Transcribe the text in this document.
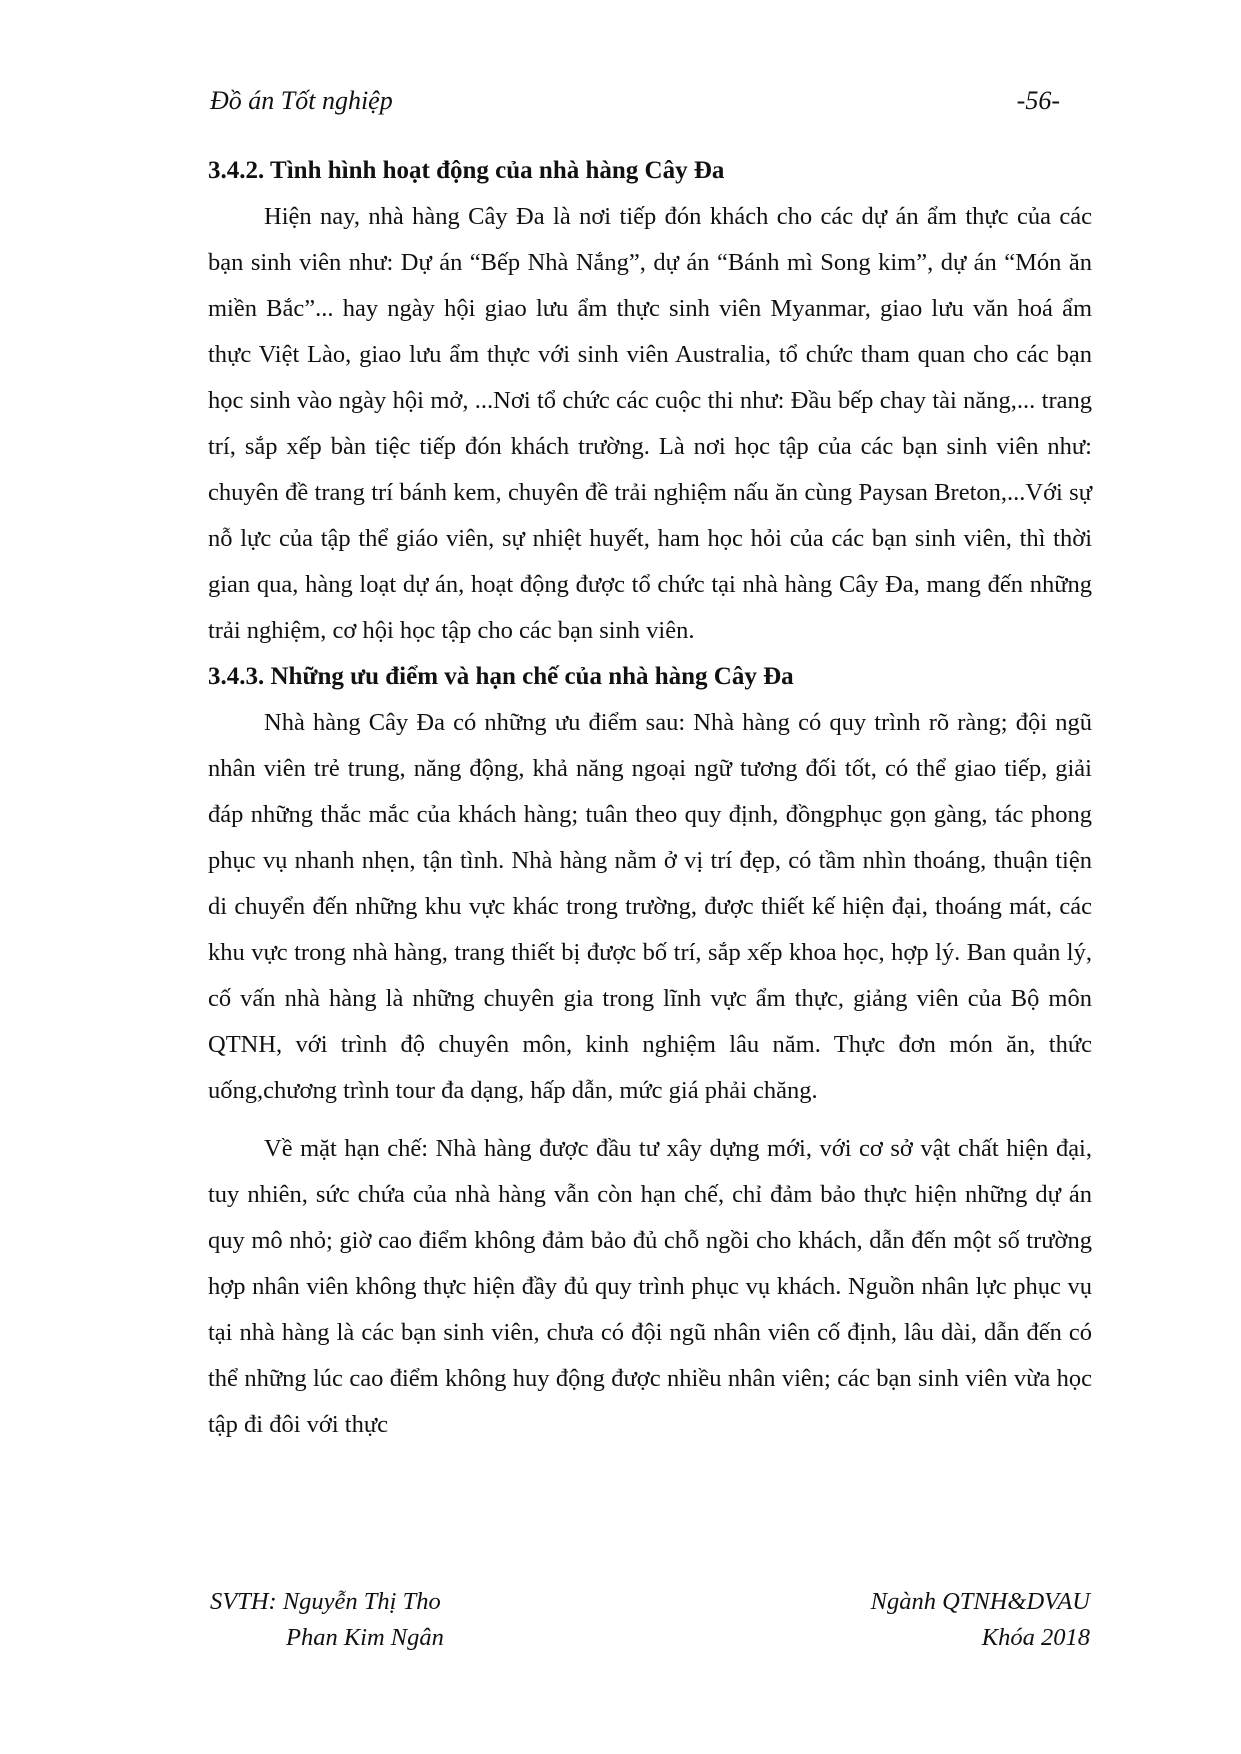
Đồ án Tốt nghiệp	-56-
3.4.2. Tình hình hoạt động của nhà hàng Cây Đa

Hiện nay, nhà hàng Cây Đa là nơi tiếp đón khách cho các dự án ẩm thực của các bạn sinh viên như: Dự án “Bếp Nhà Nắng”, dự án “Bánh mì Song kim”, dự án “Món ăn miền Bắc”... hay ngày hội giao lưu ẩm thực sinh viên Myanmar, giao lưu văn hoá ẩm thực Việt Lào, giao lưu ẩm thực với sinh viên Australia, tổ chức tham quan cho các bạn học sinh vào ngày hội mở, ...Nơi tổ chức các cuộc thi như: Đầu bếp chay tài năng,... trang trí, sắp xếp bàn tiệc tiếp đón khách trường. Là nơi học tập của các bạn sinh viên như: chuyên đề trang trí bánh kem, chuyên đề trải nghiệm nấu ăn cùng Paysan Breton,...Với sự nỗ lực của tập thể giáo viên, sự nhiệt huyết, ham học hỏi của các bạn sinh viên, thì thời gian qua, hàng loạt dự án, hoạt động được tổ chức tại nhà hàng Cây Đa, mang đến những trải nghiệm, cơ hội học tập cho các bạn sinh viên.

3.4.3. Những ưu điểm và hạn chế của nhà hàng Cây Đa

Nhà hàng Cây Đa có những ưu điểm sau: Nhà hàng có quy trình rõ ràng; đội ngũ nhân viên trẻ trung, năng động, khả năng ngoại ngữ tương đối tốt, có thể giao tiếp, giải đáp những thắc mắc của khách hàng; tuân theo quy định, đồngphục gọn gàng, tác phong phục vụ nhanh nhẹn, tận tình. Nhà hàng nằm ở vị trí đẹp, có tầm nhìn thoáng, thuận tiện di chuyển đến những khu vực khác trong trường, được thiết kế hiện đại, thoáng mát, các khu vực trong nhà hàng, trang thiết bị được bố trí, sắp xếp khoa học, hợp lý. Ban quản lý, cố vấn nhà hàng là những chuyên gia trong lĩnh vực ẩm thực, giảng viên của Bộ môn QTNH, với trình độ chuyên môn, kinh nghiệm lâu năm. Thực đơn món ăn, thức uống,chương trình tour đa dạng, hấp dẫn, mức giá phải chăng.

Về mặt hạn chế: Nhà hàng được đầu tư xây dựng mới, với cơ sở vật chất hiện đại, tuy nhiên, sức chứa của nhà hàng vẫn còn hạn chế, chỉ đảm bảo thực hiện những dự án quy mô nhỏ; giờ cao điểm không đảm bảo đủ chỗ ngồi cho khách, dẫn đến một số trường hợp nhân viên không thực hiện đầy đủ quy trình phục vụ khách. Nguồn nhân lực phục vụ tại nhà hàng là các bạn sinh viên, chưa có đội ngũ nhân viên cố định, lâu dài, dẫn đến có thể những lúc cao điểm không huy động được nhiều nhân viên; các bạn sinh viên vừa học tập đi đôi với thực

SVTH: Nguyễn Thị Tho
Phan Kim Ngân
Ngành QTNH&DVAU
Khóa 2018
